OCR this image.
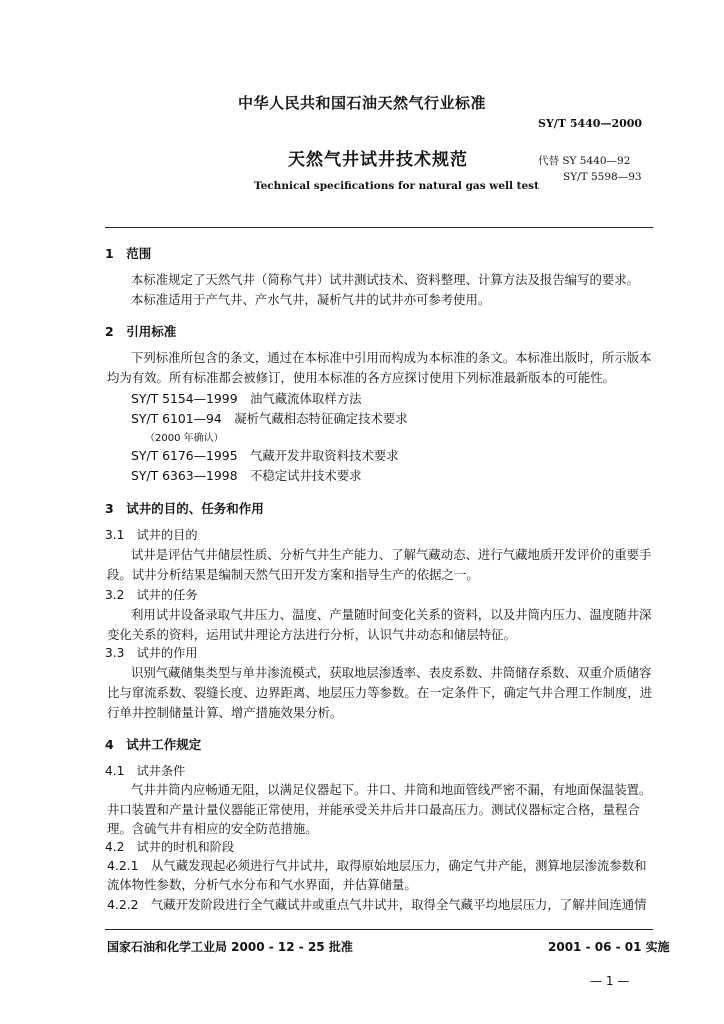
中华人民共和国石油天然气行业标准
SY/T 5440—2000
天然气井试井技术规范	代替 SY 5440—92
SY/T 5598—93
Technical specifications for natural gas well test
1　范围
本标准规定了天然气井（简称气井）试井测试技术、资料整理、计算方法及报告编写的要求。
本标准适用于产气井、产水气井，凝析气井的试井亦可参考使用。
2　引用标准
下列标准所包含的条文，通过在本标准中引用而构成为本标准的条文。本标准出版时，所示版本
均为有效。所有标准都会被修订，使用本标准的各方应探讨使用下列标准最新版本的可能性。
SY/T 5154—1999　油气藏流体取样方法
SY/T 6101—94　凝析气藏相态特征确定技术要求
（2000 年确认）
SY/T 6176—1995　气藏开发井取资料技术要求
SY/T 6363—1998　不稳定试井技术要求
3　试井的目的、任务和作用
3.1　试井的目的
试井是评估气井储层性质、分析气井生产能力、了解气藏动态、进行气藏地质开发评价的重要手
段。试井分析结果是编制天然气田开发方案和指导生产的依据之一。
3.2　试井的任务
利用试井设备录取气井压力、温度、产量随时间变化关系的资料，以及井筒内压力、温度随井深
变化关系的资料，运用试井理论方法进行分析，认识气井动态和储层特征。
3.3　试井的作用
识别气藏储集类型与单井渗流模式，获取地层渗透率、表皮系数、井筒储存系数、双重介质储容
比与窜流系数、裂缝长度、边界距离、地层压力等参数。在一定条件下，确定气井合理工作制度，进
行单井控制储量计算、增产措施效果分析。
4　试井工作规定
4.1　试井条件
气井井筒内应畅通无阻，以满足仪器起下。井口、井筒和地面管线严密不漏，有地面保温装置。
井口装置和产量计量仪器能正常使用，并能承受关井后井口最高压力。测试仪器标定合格，量程合
理。含硫气井有相应的安全防范措施。
4.2　试井的时机和阶段
4.2.1　从气藏发现起必须进行气井试井，取得原始地层压力，确定气井产能，测算地层渗流参数和
流体物性参数，分析气水分布和气水界面，并估算储量。
4.2.2　气藏开发阶段进行全气藏试井或重点气井试井，取得全气藏平均地层压力，了解井间连通情
国家石油和化学工业局 2000 - 12 - 25 批准	2001 - 06 - 01 实施
— 1 —
